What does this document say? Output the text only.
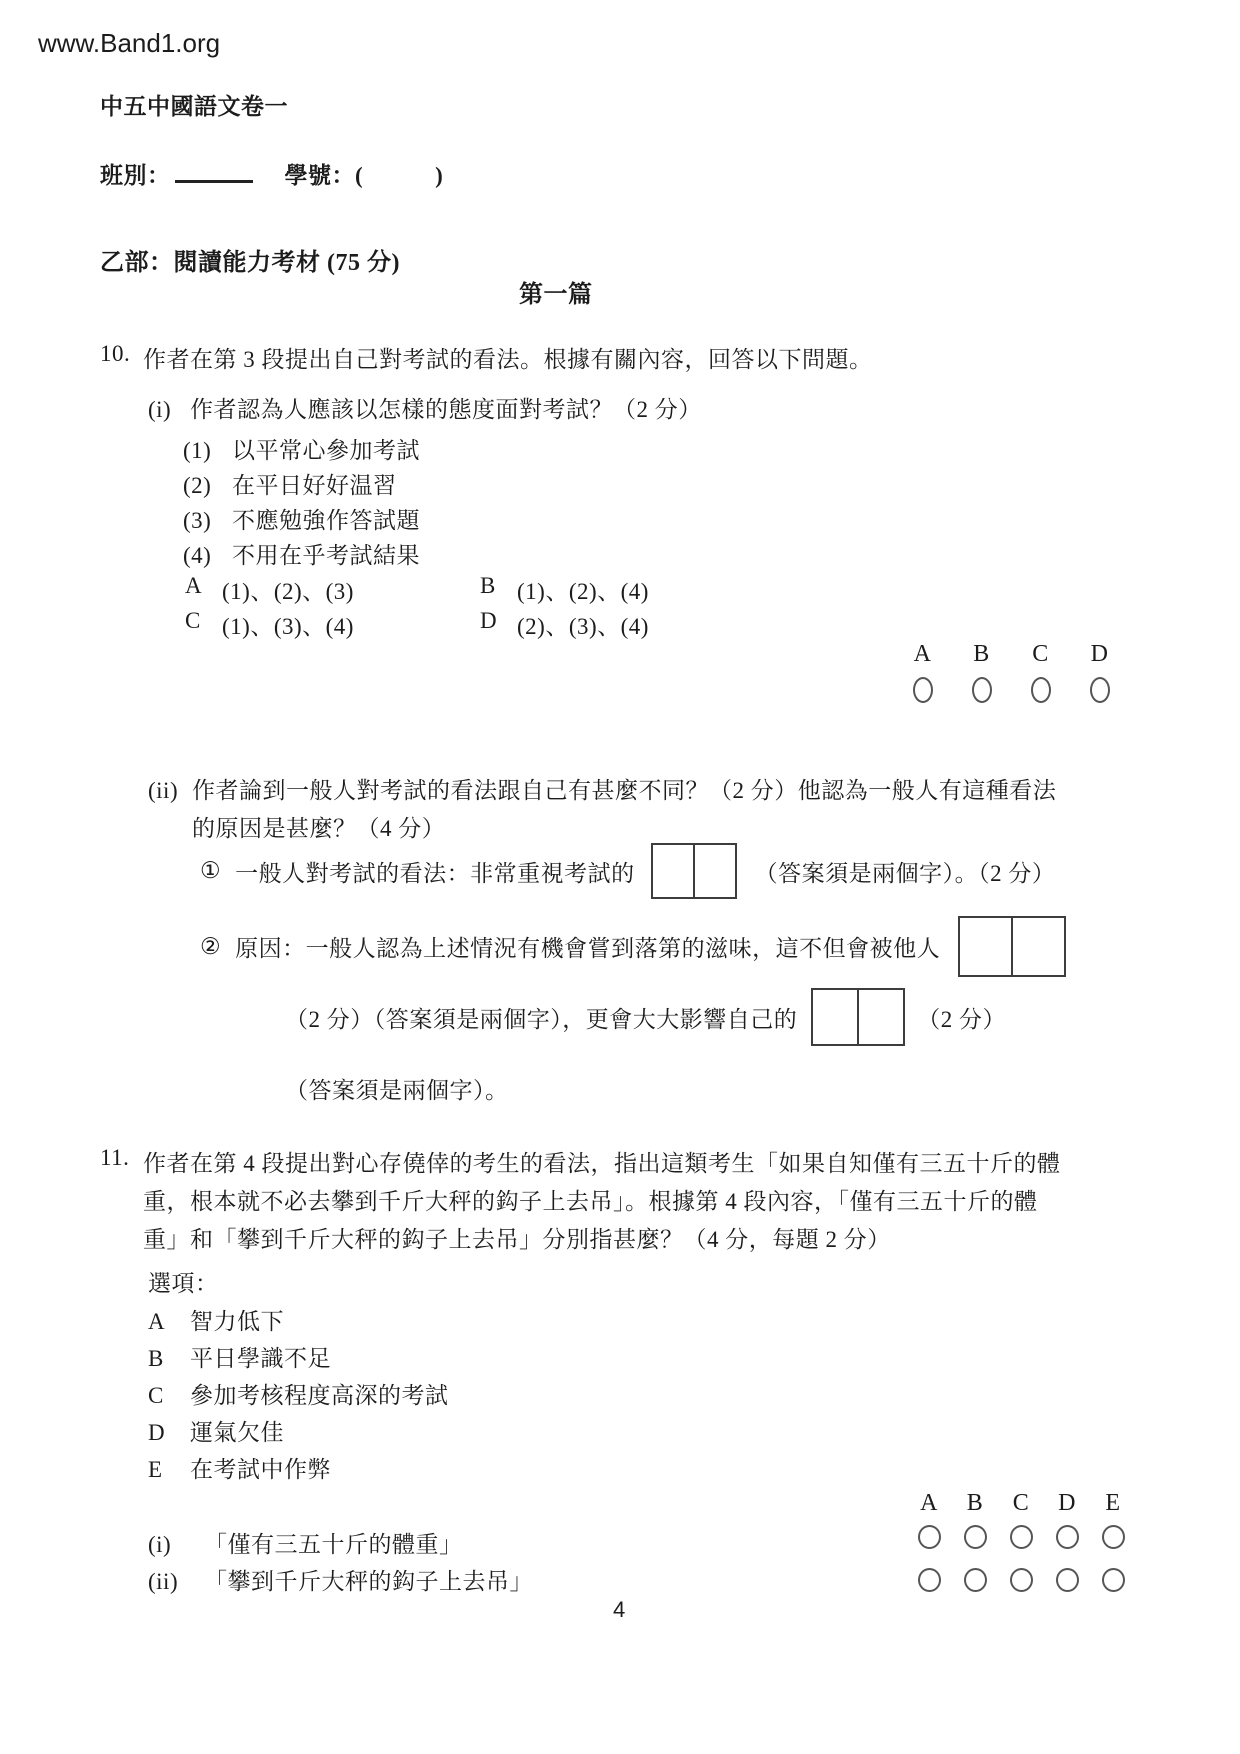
www.Band1.org
中五中國語文卷一
班別：	學號：(	)
乙部：閱讀能力考材 (75 分)
第一篇
10. 作者在第 3 段提出自己對考試的看法。根據有關內容，回答以下問題。
(i) 作者認為人應該以怎樣的態度面對考試？（2 分）
(1) 以平常心參加考試
(2) 在平日好好温習
(3) 不應勉強作答試題
(4) 不用在乎考試結果
A (1)、(2)、(3)	B (1)、(2)、(4)
C (1)、(3)、(4)	D (2)、(3)、(4)
A	B	C	D
(ii) 作者論到一般人對考試的看法跟自己有甚麼不同？（2 分）他認為一般人有這種看法
的原因是甚麼？（4 分）
① 一般人對考試的看法：非常重視考試的	（答案須是兩個字）。（2 分）
② 原因：一般人認為上述情況有機會嘗到落第的滋味，這不但會被他人
（2 分）（答案須是兩個字），更會大大影響自己的	（2 分）
（答案須是兩個字）。
11. 作者在第 4 段提出對心存僥倖的考生的看法，指出這類考生「如果自知僅有三五十斤的體
重，根本就不必去攀到千斤大秤的鈎子上去吊」。根據第 4 段內容，「僅有三五十斤的體
重」和「攀到千斤大秤的鈎子上去吊」分別指甚麼？（4 分，每題 2 分）
選項：
A 智力低下
B 平日學識不足
C 參加考核程度高深的考試
D 運氣欠佳
E 在考試中作弊
A	B	C	D	E
(i) 「僅有三五十斤的體重」
(ii) 「攀到千斤大秤的鈎子上去吊」
4
